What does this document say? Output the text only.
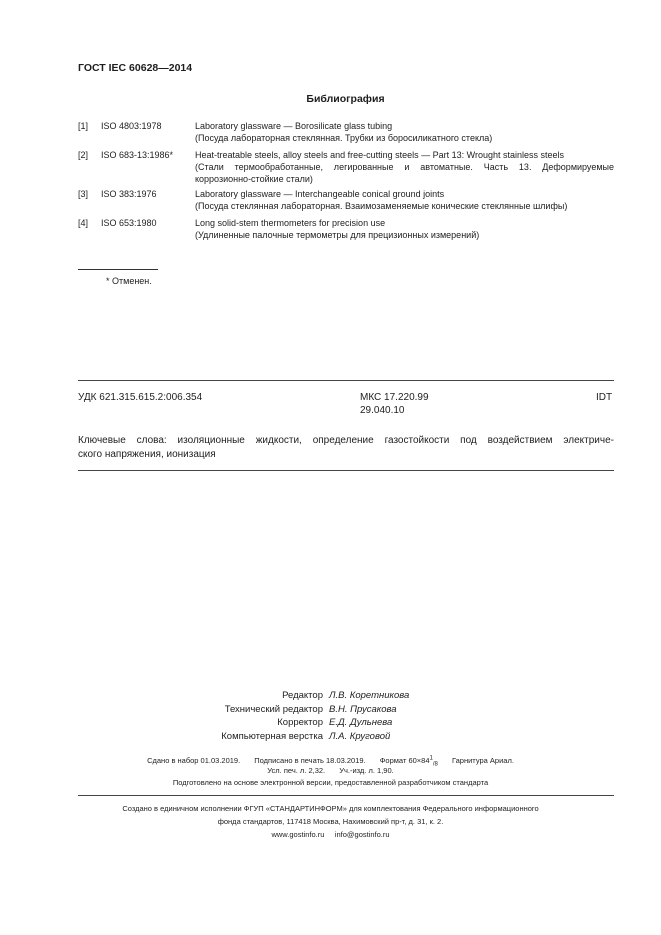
ГОСТ IEC 60628—2014
Библиография
[1] ISO 4803:1978	Laboratory glassware — Borosilicate glass tubing
(Посуда лабораторная стеклянная. Трубки из боросиликатного стекла)
[2] ISO 683-13:1986* Heat-treatable steels, alloy steels and free-cutting steels — Part 13: Wrought stainless steels
(Стали термообработанные, легированные и автоматные. Часть 13. Деформируемые
коррозионно-стойкие стали)
[3] ISO 383:1976	Laboratory glassware — Interchangeable conical ground joints
(Посуда стеклянная лабораторная. Взаимозаменяемые конические стеклянные шлифы)
[4] ISO 653:1980	Long solid-stem thermometers for precision use
(Удлиненные палочные термометры для прецизионных измерений)
* Отменен.
УДК 621.315.615.2:006.354	МКС 17.220.99
29.040.10
IDT
Ключевые слова: изоляционные жидкости, определение газостойкости под воздействием электриче-
ского напряжения, ионизация
Редактор Л.В. Коретникова
Технический редактор В.Н. Прусакова
Корректор Е.Д. Дульнева
Компьютерная верстка Л.А. Круговой
Сдано в набор 01.03.2019. Подписано в печать 18.03.2019. Формат $60\times 84^1_{/8}$ Гарнитура Ариал.
Усл. печ. л. 2,32. Уч.-изд. л. 1,90.
Подготовлено на основе электронной версии, предоставленной разработчиком стандарта
Создано в единичном исполнении ФГУП «СТАНДАРТИНФОРМ» для комплектования Федерального информационного
фонда стандартов, 117418 Москва, Нахимовский пр-т, д. 31, к. 2.
www.gostinfo.ru info@gostinfo.ru
